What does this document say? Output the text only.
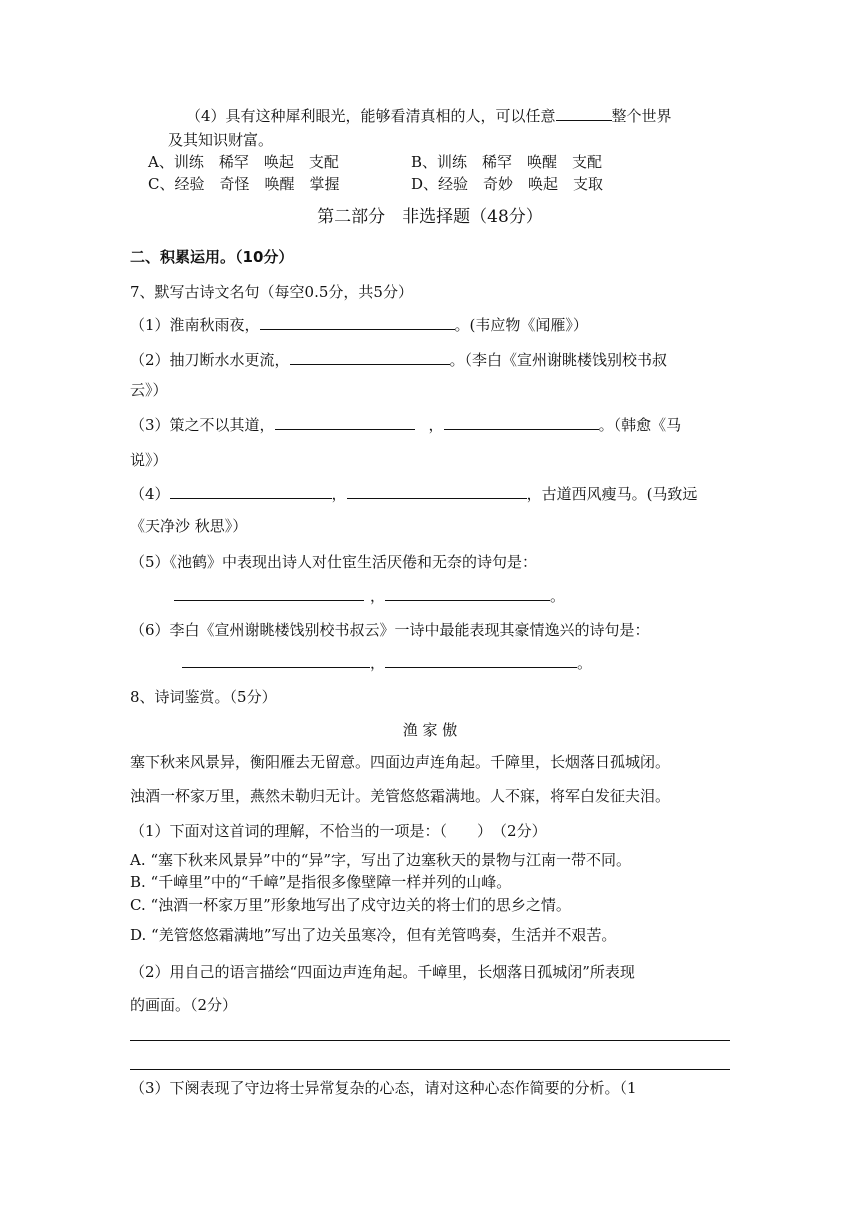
（4）具有这种犀利眼光，能够看清真相的人，可以任意	整个世界
及其知识财富。
A、训练　稀罕　唤起　支配	B、训练　稀罕　唤醒　支配
C、经验　奇怪　唤醒　掌握	D、经验　奇妙　唤起　支取
第二部分　非选择题（48分）
二、积累运用。（10分）
7、默写古诗文名句（每空0.5分，共5分）
（1）淮南秋雨夜，	。(韦应物《闻雁》）
（2）抽刀断水水更流，	。（李白《宣州谢眺楼饯别校书叔
云》）
（3）策之不以其道，	，	。（韩愈《马
说》）
（4）	，	，古道西风瘦马。(马致远
《天净沙 秋思》）
（5）《池鹤》中表现出诗人对仕宦生活厌倦和无奈的诗句是：
，	。
（6）李白《宣州谢眺楼饯别校书叔云》一诗中最能表现其豪情逸兴的诗句是：
，	。
8、诗词鉴赏。（5分）
渔 家 傲
塞下秋来风景异，衡阳雁去无留意。四面边声连角起。千障里，长烟落日孤城闭。
浊酒一杯家万里，燕然未勒归无计。羌管悠悠霜满地。人不寐，将军白发征夫泪。
（1）下面对这首词的理解，不恰当的一项是：（　　）　（2分）
A. “塞下秋来风景异”中的“异”字，写出了边塞秋天的景物与江南一带不同。
B. “千嶂里”中的“千嶂”是指很多像壁障一样并列的山峰。
C. “浊酒一杯家万里”形象地写出了戍守边关的将士们的思乡之情。
D. “羌管悠悠霜满地”写出了边关虽寒冷，但有羌管鸣奏，生活并不艰苦。
（2）用自己的语言描绘“四面边声连角起。千嶂里，长烟落日孤城闭”所表现
的画面。（2分）
（3）下阕表现了守边将士异常复杂的心态，请对这种心态作简要的分析。（1
